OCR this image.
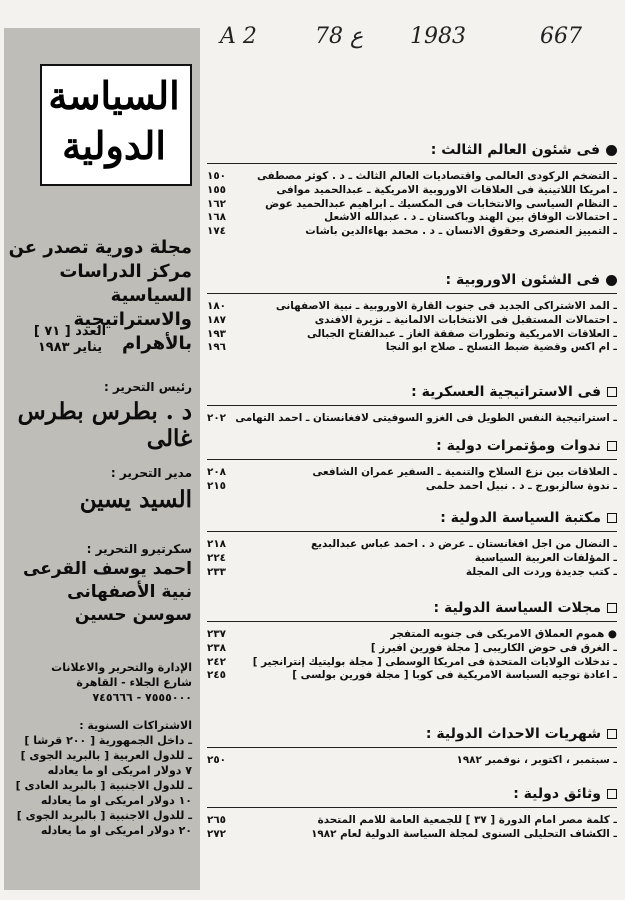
A 2	78 ع 1983	667
السياسة
الدولية
مجلة دورية تصدر عن
مركز الدراسات السياسية
والاستراتيجية بالأهرام
العدد [ ٧١ ]
يناير ١٩٨٣
رئيس التحرير :
د . بطرس بطرس غالى
مدير التحرير :
السيد يسين
سكرتيرو التحرير :
احمد يوسف القرعى
نبية الأصفهانى
سوسن حسين
الإدارة والتحرير والاعلانات
شارع الجلاء - القاهرة
٧٥٥٥٠٠٠ - ٧٤٥٦٦٦
الاشتراكات السنوية :
ـ داخل الجمهورية [ ٢٠٠ قرشا ]
ـ للدول العربية [ بالبريد الجوى ]
٧ دولار امريكى او ما يعادله
ـ للدول الاجنبية [ بالبريد العادى ]
١٠ دولار امريكى او ما يعادله
ـ للدول الاجنبية [ بالبريد الجوى ]
٢٠ دولار امريكى او ما يعادله
فى شئون العالم الثالث :
ـ التضخم الركودى العالمى واقتصاديات العالم الثالث ـ د . كوثر مصطفى
١٥٠
ـ امريكا اللاتينية فى العلاقات الاوروبية الامريكية ـ عبدالحميد موافى
١٥٥
ـ النظام السياسى والانتخابات فى المكسيك ـ ابراهيم عبدالحميد عوض
١٦٢
ـ احتمالات الوفاق بين الهند وباكستان ـ د . عبدالله الاشعل
١٦٨
ـ التمييز العنصرى وحقوق الانسان ـ د . محمد بهاءالدين باشات
١٧٤
فى الشئون الاوروبية :
ـ المد الاشتراكى الجديد فى جنوب القارة الاوروبية ـ نبية الاصفهانى
١٨٠
ـ احتمالات المستقبل فى الانتخابات الالمانية ـ نزيرة الافندى
١٨٧
ـ العلاقات الامريكية وتطورات صفقة الغاز ـ عبدالفتاح الجبالى
١٩٣
ـ ام اكس وقضية ضبط التسلح ـ صلاح ابو النجا
١٩٦
فى الاستراتيجية العسكرية :
ـ استراتيجية النفس الطويل فى الغزو السوفيتى لافغانستان ـ احمد التهامى
٢٠٢
ندوات ومؤتمرات دولية :
ـ العلاقات بين نزع السلاح والتنمية ـ السفير عمران الشافعى
٢٠٨
ـ ندوة سالزبورج ـ د . نبيل احمد حلمى
٢١٥
مكتبة السياسة الدولية :
ـ النضال من اجل افغانستان ـ عرض د . احمد عباس عبدالبديع
٢١٨
ـ المؤلفات العربية السياسية
٢٢٤
ـ كتب جديدة وردت الى المجلة
٢٣٣
مجلات السياسة الدولية :
● هموم العملاق الامريكى فى جنوبه المتفجر
٢٣٧
ـ الغرق فى حوض الكاريبى [ مجلة فورين افيرز ]
٢٣٨
ـ تدخلات الولايات المتحدة فى امريكا الوسطى [ مجلة بوليتيك إنترانجير ]
٢٤٢
ـ اعادة توجيه السياسة الامريكية فى كوبا [ مجلة فورين بولسى ]
٢٤٥
شهريات الاحداث الدولية :
ـ سبتمبر ، اكتوبر ، نوفمبر ١٩٨٢
٢٥٠
وثائق دولية :
ـ كلمة مصر امام الدورة [ ٣٧ ] للجمعية العامة للامم المتحدة
٢٦٥
ـ الكشاف التحليلى السنوى لمجلة السياسة الدولية لعام ١٩٨٢
٢٧٢
